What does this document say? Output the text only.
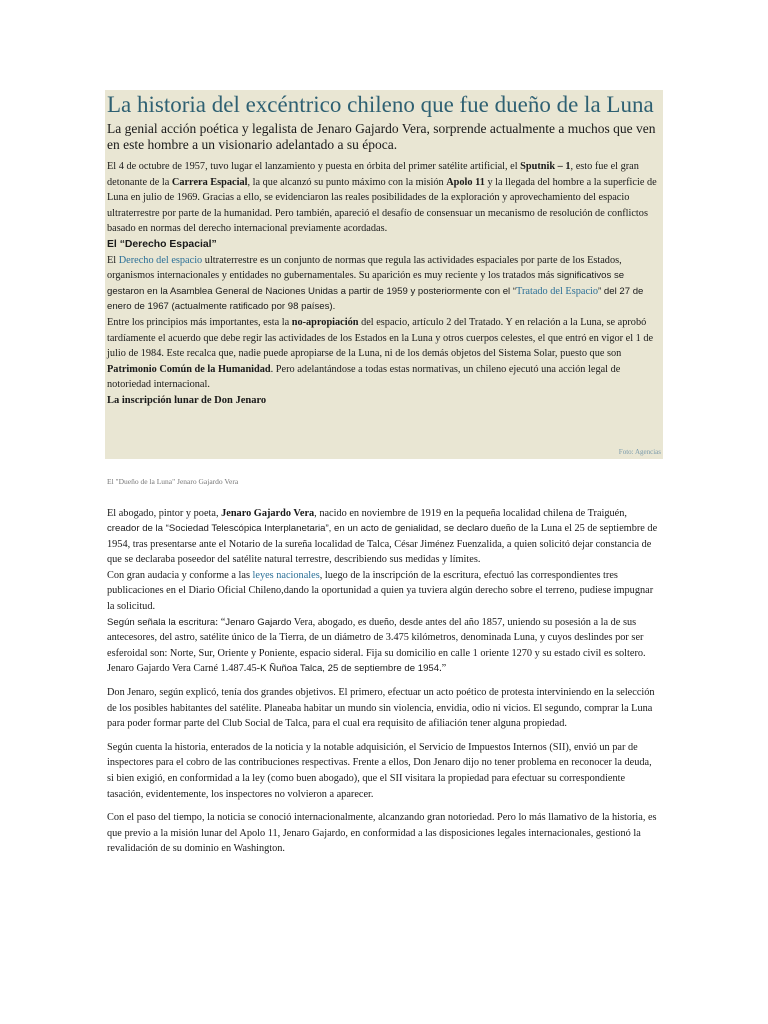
La historia del excéntrico chileno que fue dueño de la Luna
La genial acción poética y legalista de Jenaro Gajardo Vera, sorprende actualmente a muchos que ven en este hombre a un visionario adelantado a su época.

El 4 de octubre de 1957, tuvo lugar el lanzamiento y puesta en órbita del primer satélite artificial, el Sputnik – 1, esto fue el gran detonante de la Carrera Espacial, la que alcanzó su punto máximo con la misión Apolo 11 y la llegada del hombre a la superficie de Luna en julio de 1969. Gracias a ello, se evidenciaron las reales posibilidades de la exploración y aprovechamiento del espacio ultraterrestre por parte de la humanidad. Pero también, apareció el desafío de consensuar un mecanismo de resolución de conflictos basado en normas del derecho internacional previamente acordadas.

El “Derecho Espacial”

El Derecho del espacio ultraterrestre es un conjunto de normas que regula las actividades espaciales por parte de los Estados, organismos internacionales y entidades no gubernamentales. Su aparición es muy reciente y los tratados más significativos se gestaron en la Asamblea General de Naciones Unidas a partir de 1959 y posteriormente con el “Tratado del Espacio” del 27 de enero de 1967 (actualmente ratificado por 98 países).

Entre los principios más importantes, esta la no-apropiación del espacio, artículo 2 del Tratado. Y en relación a la Luna, se aprobó tardíamente el acuerdo que debe regir las actividades de los Estados en la Luna y otros cuerpos celestes, el que entró en vigor el 1 de julio de 1984. Este recalca que, nadie puede apropiarse de la Luna, ni de los demás objetos del Sistema Solar, puesto que son Patrimonio Común de la Humanidad. Pero adelantándose a todas estas normativas, un chileno ejecutó una acción legal de notoriedad internacional.

La inscripción lunar de Don Jenaro
Foto: Agencias
El "Dueño de la Luna" Jenaro Gajardo Vera

El abogado, pintor y poeta, Jenaro Gajardo Vera, nacido en noviembre de 1919 en la pequeña localidad chilena de Traiguén, creador de la “Sociedad Telescópica Interplanetaria”, en un acto de genialidad, se declaro dueño de la Luna el 25 de septiembre de 1954, tras presentarse ante el Notario de la sureña localidad de Talca, César Jiménez Fuenzalida, a quien solicitó dejar constancia de que se declaraba poseedor del satélite natural terrestre, describiendo sus medidas y límites.

Con gran audacia y conforme a las leyes nacionales, luego de la inscripción de la escritura, efectuó las correspondientes tres publicaciones en el Diario Oficial Chileno,dando la oportunidad a quien ya tuviera algún derecho sobre el terreno, pudiese impugnar la solicitud.

Según señala la escritura: “Jenaro Gajardo Vera, abogado, es dueño, desde antes del año 1857, uniendo su posesión a la de sus antecesores, del astro, satélite único de la Tierra, de un diámetro de 3.475 kilómetros, denominada Luna, y cuyos deslindes por ser esferoidal son: Norte, Sur, Oriente y Poniente, espacio sideral. Fija su domicilio en calle 1 oriente 1270 y su estado civil es soltero. Jenaro Gajardo Vera Carné 1.487.45-K Ñuñoa Talca, 25 de septiembre de 1954.”

Don Jenaro, según explicó, tenía dos grandes objetivos. El primero, efectuar un acto poético de protesta interviniendo en la selección de los posibles habitantes del satélite. Planeaba habitar un mundo sin violencia, envidia, odio ni vicios. El segundo, comprar la Luna para poder formar parte del Club Social de Talca, para el cual era requisito de afiliación tener alguna propiedad.

Según cuenta la historia, enterados de la noticia y la notable adquisición, el Servicio de Impuestos Internos (SII), envió un par de inspectores para el cobro de las contribuciones respectivas. Frente a ellos, Don Jenaro dijo no tener problema en reconocer la deuda, si bien exigió, en conformidad a la ley (como buen abogado), que el SII visitara la propiedad para efectuar su correspondiente tasación, evidentemente, los inspectores no volvieron a aparecer.

Con el paso del tiempo, la noticia se conoció internacionalmente, alcanzando gran notoriedad. Pero lo más llamativo de la historia, es que previo a la misión lunar del Apolo 11, Jenaro Gajardo, en conformidad a las disposiciones legales internacionales, gestionó la revalidación de su dominio en Washington.
